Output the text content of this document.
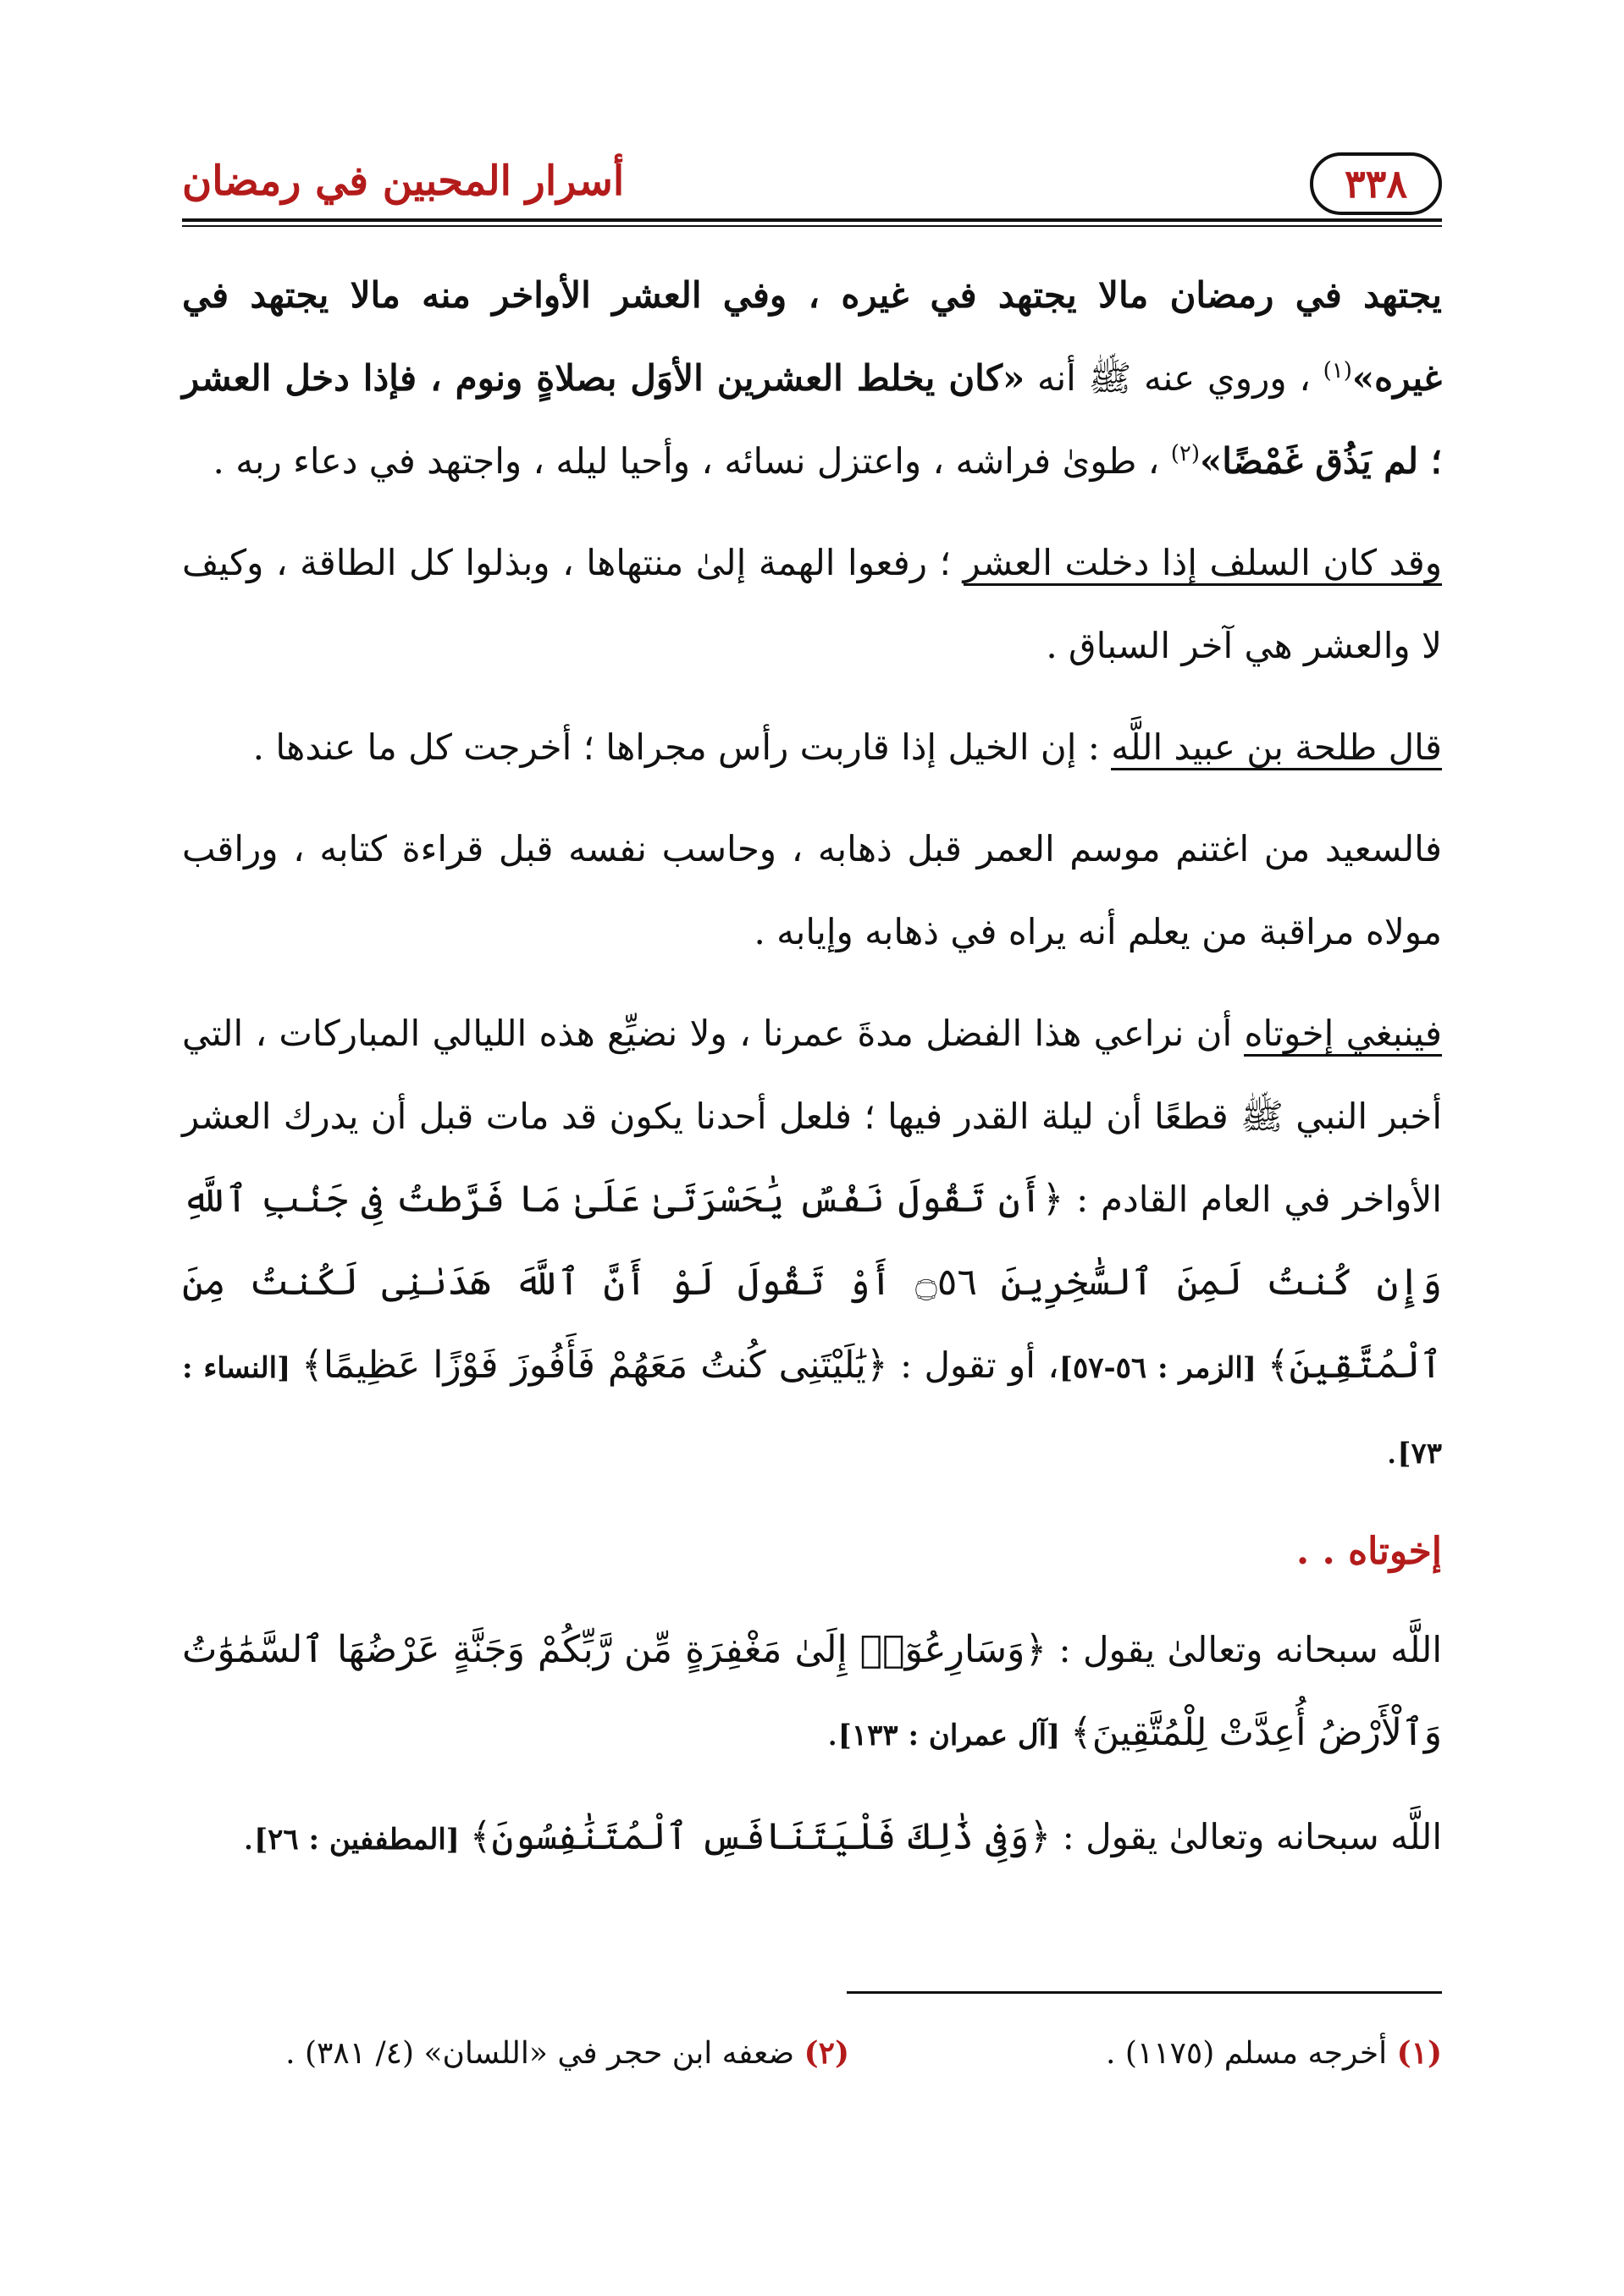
٣٣٨
أسرار المحبين في رمضان

يجتهد في رمضان مالا يجتهد في غيره ، وفي العشر الأواخر منه مالا يجتهد في غيره»$^{(١)}$ ، وروي عنه ﷺ أنه «كان يخلط العشرين الأوَل بصلاةٍ ونوم ، فإذا دخل العشر ؛ لم يَذُق غَمْضًا»$^{(٢)}$ ، طوىٰ فراشه ، واعتزل نسائه ، وأحيا ليله ، واجتهد في دعاء ربه .

وقد كان السلف إذا دخلت العشر ؛ رفعوا الهمة إلىٰ منتهاها ، وبذلوا كل الطاقة ، وكيف لا والعشر هي آخر السباق .

قال طلحة بن عبيد اللَّه : إن الخيل إذا قاربت رأس مجراها ؛ أخرجت كل ما عندها .

فالسعيد من اغتنم موسم العمر قبل ذهابه ، وحاسب نفسه قبل قراءة كتابه ، وراقب مولاه مراقبة من يعلم أنه يراه في ذهابه وإيابه .

فينبغي إخوتاه أن نراعي هذا الفضل مدةَ عمرنا ، ولا نضيِّع هذه الليالي المباركات ، التي أخبر النبي ﷺ قطعًا أن ليلة القدر فيها ؛ فلعل أحدنا يكون قد مات قبل أن يدرك العشر الأواخر في العام القادم : ﴿أَن تَقُولَ نَفْسٌ يَٰحَسْرَتَىٰ عَلَىٰ مَا فَرَّطتُ فِى جَنۢبِ ٱللَّهِ وَإِن كُنتُ لَمِنَ ٱلسَّٰخِرِينَ ۝٥٦ أَوْ تَقُولَ لَوْ أَنَّ ٱللَّهَ هَدَىٰنِى لَكُنتُ مِنَ ٱلْمُتَّقِينَ﴾ [الزمر : ٥٦-٥٧]، أو تقول : ﴿يَٰلَيْتَنِى كُنتُ مَعَهُمْ فَأَفُوزَ فَوْزًا عَظِيمًا﴾ [النساء : ٧٣].

إخوتاه . .

اللَّه سبحانه وتعالىٰ يقول : ﴿وَسَارِعُوٓا۟ إِلَىٰ مَغْفِرَةٍ مِّن رَّبِّكُمْ وَجَنَّةٍ عَرْضُهَا ٱلسَّمَٰوَٰتُ وَٱلْأَرْضُ أُعِدَّتْ لِلْمُتَّقِينَ﴾ [آل عمران : ١٣٣].

اللَّه سبحانه وتعالىٰ يقول : ﴿وَفِى ذَٰلِكَ فَلْيَتَنَافَسِ ٱلْمُتَنَٰفِسُونَ﴾ [المطففين : ٢٦].

(١) أخرجه مسلم (١١٧٥) .
(٢) ضعفه ابن حجر في «اللسان» (٤/ ٣٨١) .
